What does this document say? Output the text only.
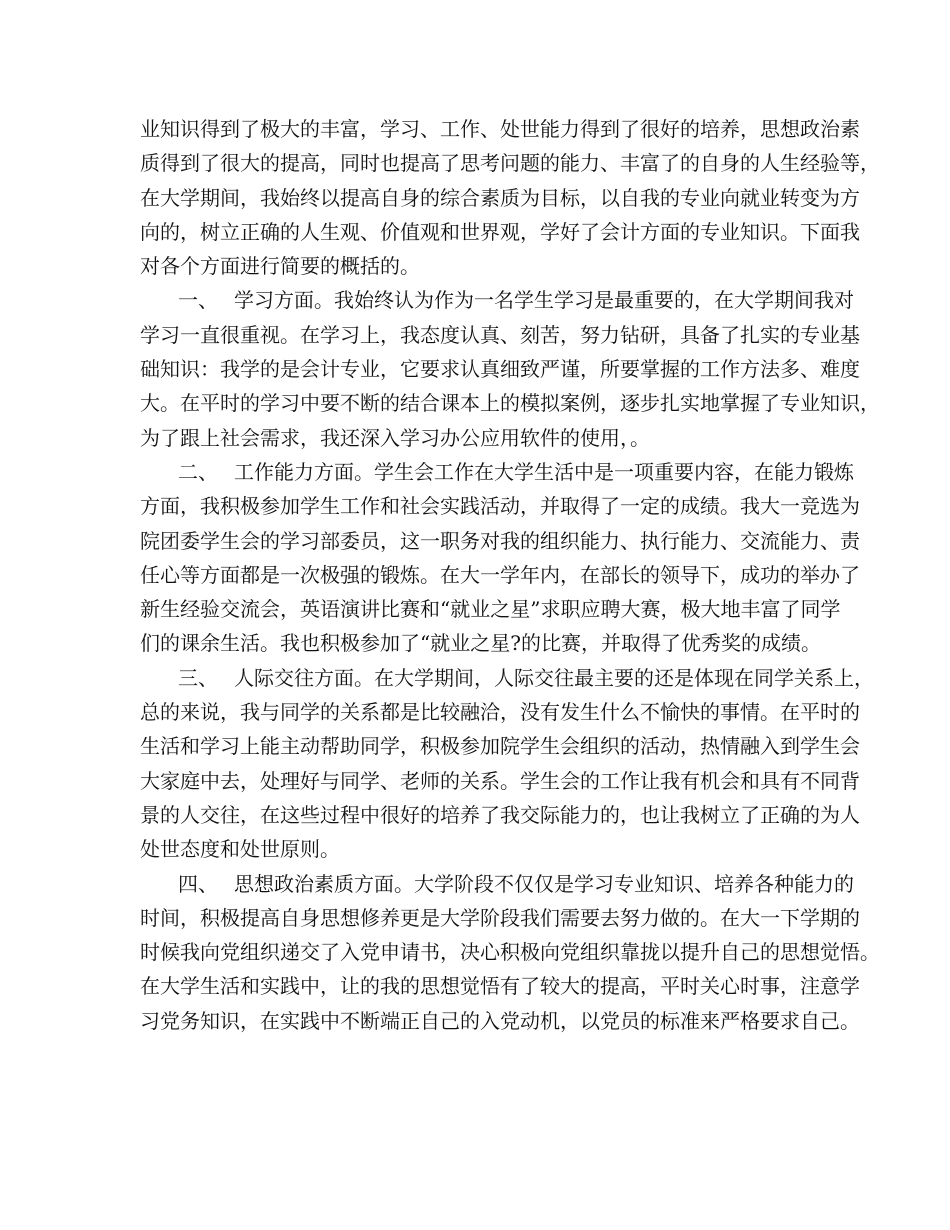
业知识得到了极大的丰富，学习、工作、处世能力得到了很好的培养，思想政治素
质得到了很大的提高，同时也提高了思考问题的能力、丰富了的自身的人生经验等，
在大学期间，我始终以提高自身的综合素质为目标，以自我的专业向就业转变为方
向的，树立正确的人生观、价值观和世界观，学好了会计方面的专业知识。下面我
对各个方面进行简要的概括的。
一、 学习方面。我始终认为作为一名学生学习是最重要的，在大学期间我对
学习一直很重视。在学习上，我态度认真、刻苦，努力钻研，具备了扎实的专业基
础知识：我学的是会计专业，它要求认真细致严谨，所要掌握的工作方法多、难度
大。在平时的学习中要不断的结合课本上的模拟案例，逐步扎实地掌握了专业知识，
为了跟上社会需求，我还深入学习办公应用软件的使用，。
二、 工作能力方面。学生会工作在大学生活中是一项重要内容，在能力锻炼
方面，我积极参加学生工作和社会实践活动，并取得了一定的成绩。我大一竞选为
院团委学生会的学习部委员，这一职务对我的组织能力、执行能力、交流能力、责
任心等方面都是一次极强的锻炼。在大一学年内，在部长的领导下，成功的举办了
新生经验交流会，英语演讲比赛和“就业之星”求职应聘大赛，极大地丰富了同学
们的课余生活。我也积极参加了“就业之星?的比赛，并取得了优秀奖的成绩。
三、 人际交往方面。在大学期间，人际交往最主要的还是体现在同学关系上，
总的来说，我与同学的关系都是比较融洽，没有发生什么不愉快的事情。在平时的
生活和学习上能主动帮助同学，积极参加院学生会组织的活动，热情融入到学生会
大家庭中去，处理好与同学、老师的关系。学生会的工作让我有机会和具有不同背
景的人交往，在这些过程中很好的培养了我交际能力的，也让我树立了正确的为人
处世态度和处世原则。
四、 思想政治素质方面。大学阶段不仅仅是学习专业知识、培养各种能力的
时间，积极提高自身思想修养更是大学阶段我们需要去努力做的。在大一下学期的
时候我向党组织递交了入党申请书，决心积极向党组织靠拢以提升自己的思想觉悟。
在大学生活和实践中，让的我的思想觉悟有了较大的提高，平时关心时事，注意学
习党务知识，在实践中不断端正自己的入党动机，以党员的标准来严格要求自己。
